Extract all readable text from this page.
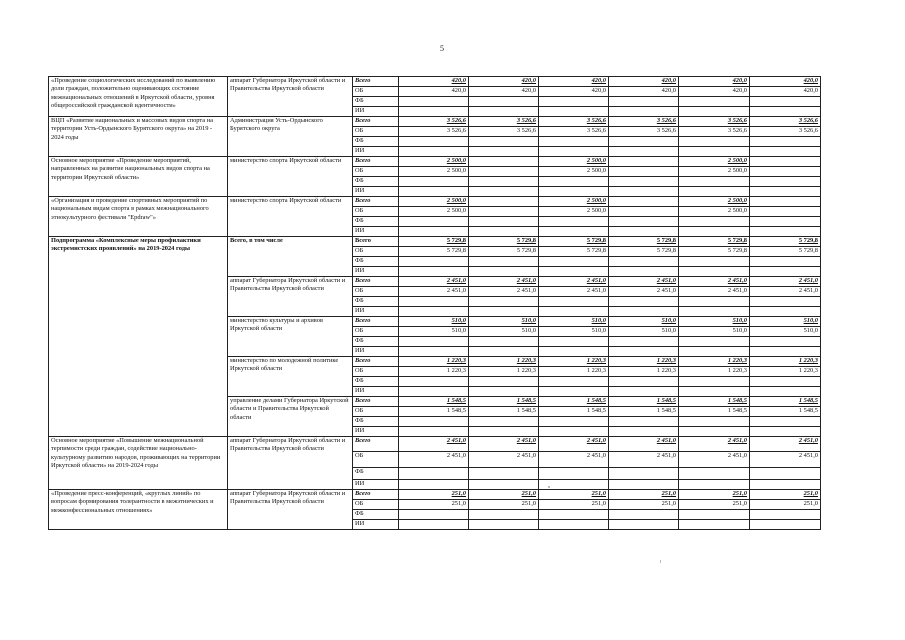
5
«Проведение социологических исследований по выявлению доли граждан, положительно оценивающих состояние межнациональных отношений в Иркутской области, уровня общероссийской гражданской идентичности»	аппарат Губернатора Иркутской области и Правительства Иркутской области	Всего	420,0	420,0	420,0	420,0	420,0	420,0
		ОБ	420,0	420,0	420,0	420,0	420,0	420,0
		ФБ						
		ИИ						
ВЦП «Развитие национальных и массовых видов спорта на территории Усть-Ордынского Бурятского округа» на 2019 - 2024 годы	Администрация Усть-Ордынского Бурятского округа	Всего	3 526,6	3 526,6	3 526,6	3 526,6	3 526,6	3 526,6
		ОБ	3 526,6	3 526,6	3 526,6	3 526,6	3 526,6	3 526,6
		ФБ						
		ИИ						
Основное мероприятие «Проведение мероприятий, направленных на развитие национальных видов спорта на территории Иркутской области»	министерство спорта Иркутской области	Всего	2 500,0		2 500,0		2 500,0	
		ОБ	2 500,0		2 500,0		2 500,0	
		ФБ						
		ИИ						
«Организация и проведение спортивных мероприятий по национальным видам спорта в рамках межнационального этнокультурного фестиваля "Ерdraw"»	министерство спорта Иркутской области	Всего	2 500,0		2 500,0		2 500,0	
		ОБ	2 500,0		2 500,0		2 500,0	
		ФБ						
		ИИ						
Подпрограмма «Комплексные меры профилактики экстремистских проявлений» на 2019-2024 годы	Всего, в том числе	Всего	5 729,8	5 729,8	5 729,8	5 729,8	5 729,8	5 729,8
		ОБ	5 729,8	5 729,8	5 729,8	5 729,8	5 729,8	5 729,8
		ФБ						
		ИИ						
	аппарат Губернатора Иркутской области и Правительства Иркутской области	Всего	2 451,0	2 451,0	2 451,0	2 451,0	2 451,0	2 451,0
		ОБ	2 451,0	2 451,0	2 451,0	2 451,0	2 451,0	2 451,0
		ФБ						
		ИИ						
	министерство культуры и архивов Иркутской области	Всего	510,0	510,0	510,0	510,0	510,0	510,0
		ОБ	510,0	510,0	510,0	510,0	510,0	510,0
		ФБ						
		ИИ						
	министерство по молодежной политике Иркутской области	Всего	1 220,3	1 220,3	1 220,3	1 220,3	1 220,3	1 220,3
		ОБ	1 220,3	1 220,3	1 220,3	1 220,3	1 220,3	1 220,3
		ФБ						
		ИИ						
	управление делами Губернатора Иркутской области и Правительства Иркутской области	Всего	1 548,5	1 548,5	1 548,5	1 548,5	1 548,5	1 548,5
		ОБ	1 548,5	1 548,5	1 548,5	1 548,5	1 548,5	1 548,5
		ФБ						
		ИИ						
Основное мероприятие «Повышение межнациональной терпимости среди граждан, содействие национально-культурному развитию народов, проживающих на территории Иркутской области» на 2019-2024 годы	аппарат Губернатора Иркутской области и Правительства Иркутской области	Всего	2 451,0	2 451,0	2 451,0	2 451,0	2 451,0	2 451,0
		ОБ	2 451,0	2 451,0	2 451,0	2 451,0	2 451,0	2 451,0
		ФБ						
		ИИ						
«Проведение пресс-конференций, «круглых линий» по вопросам формирования толерантности в межэтнических и межконфессиональных отношениях»	аппарат Губернатора Иркутской области и Правительства Иркутской области	Всего	251,0	251,0	251,0	251,0	251,0	251,0
		ОБ	251,0	251,0	251,0	251,0	251,0	251,0
		ФБ						
		ИИ						
